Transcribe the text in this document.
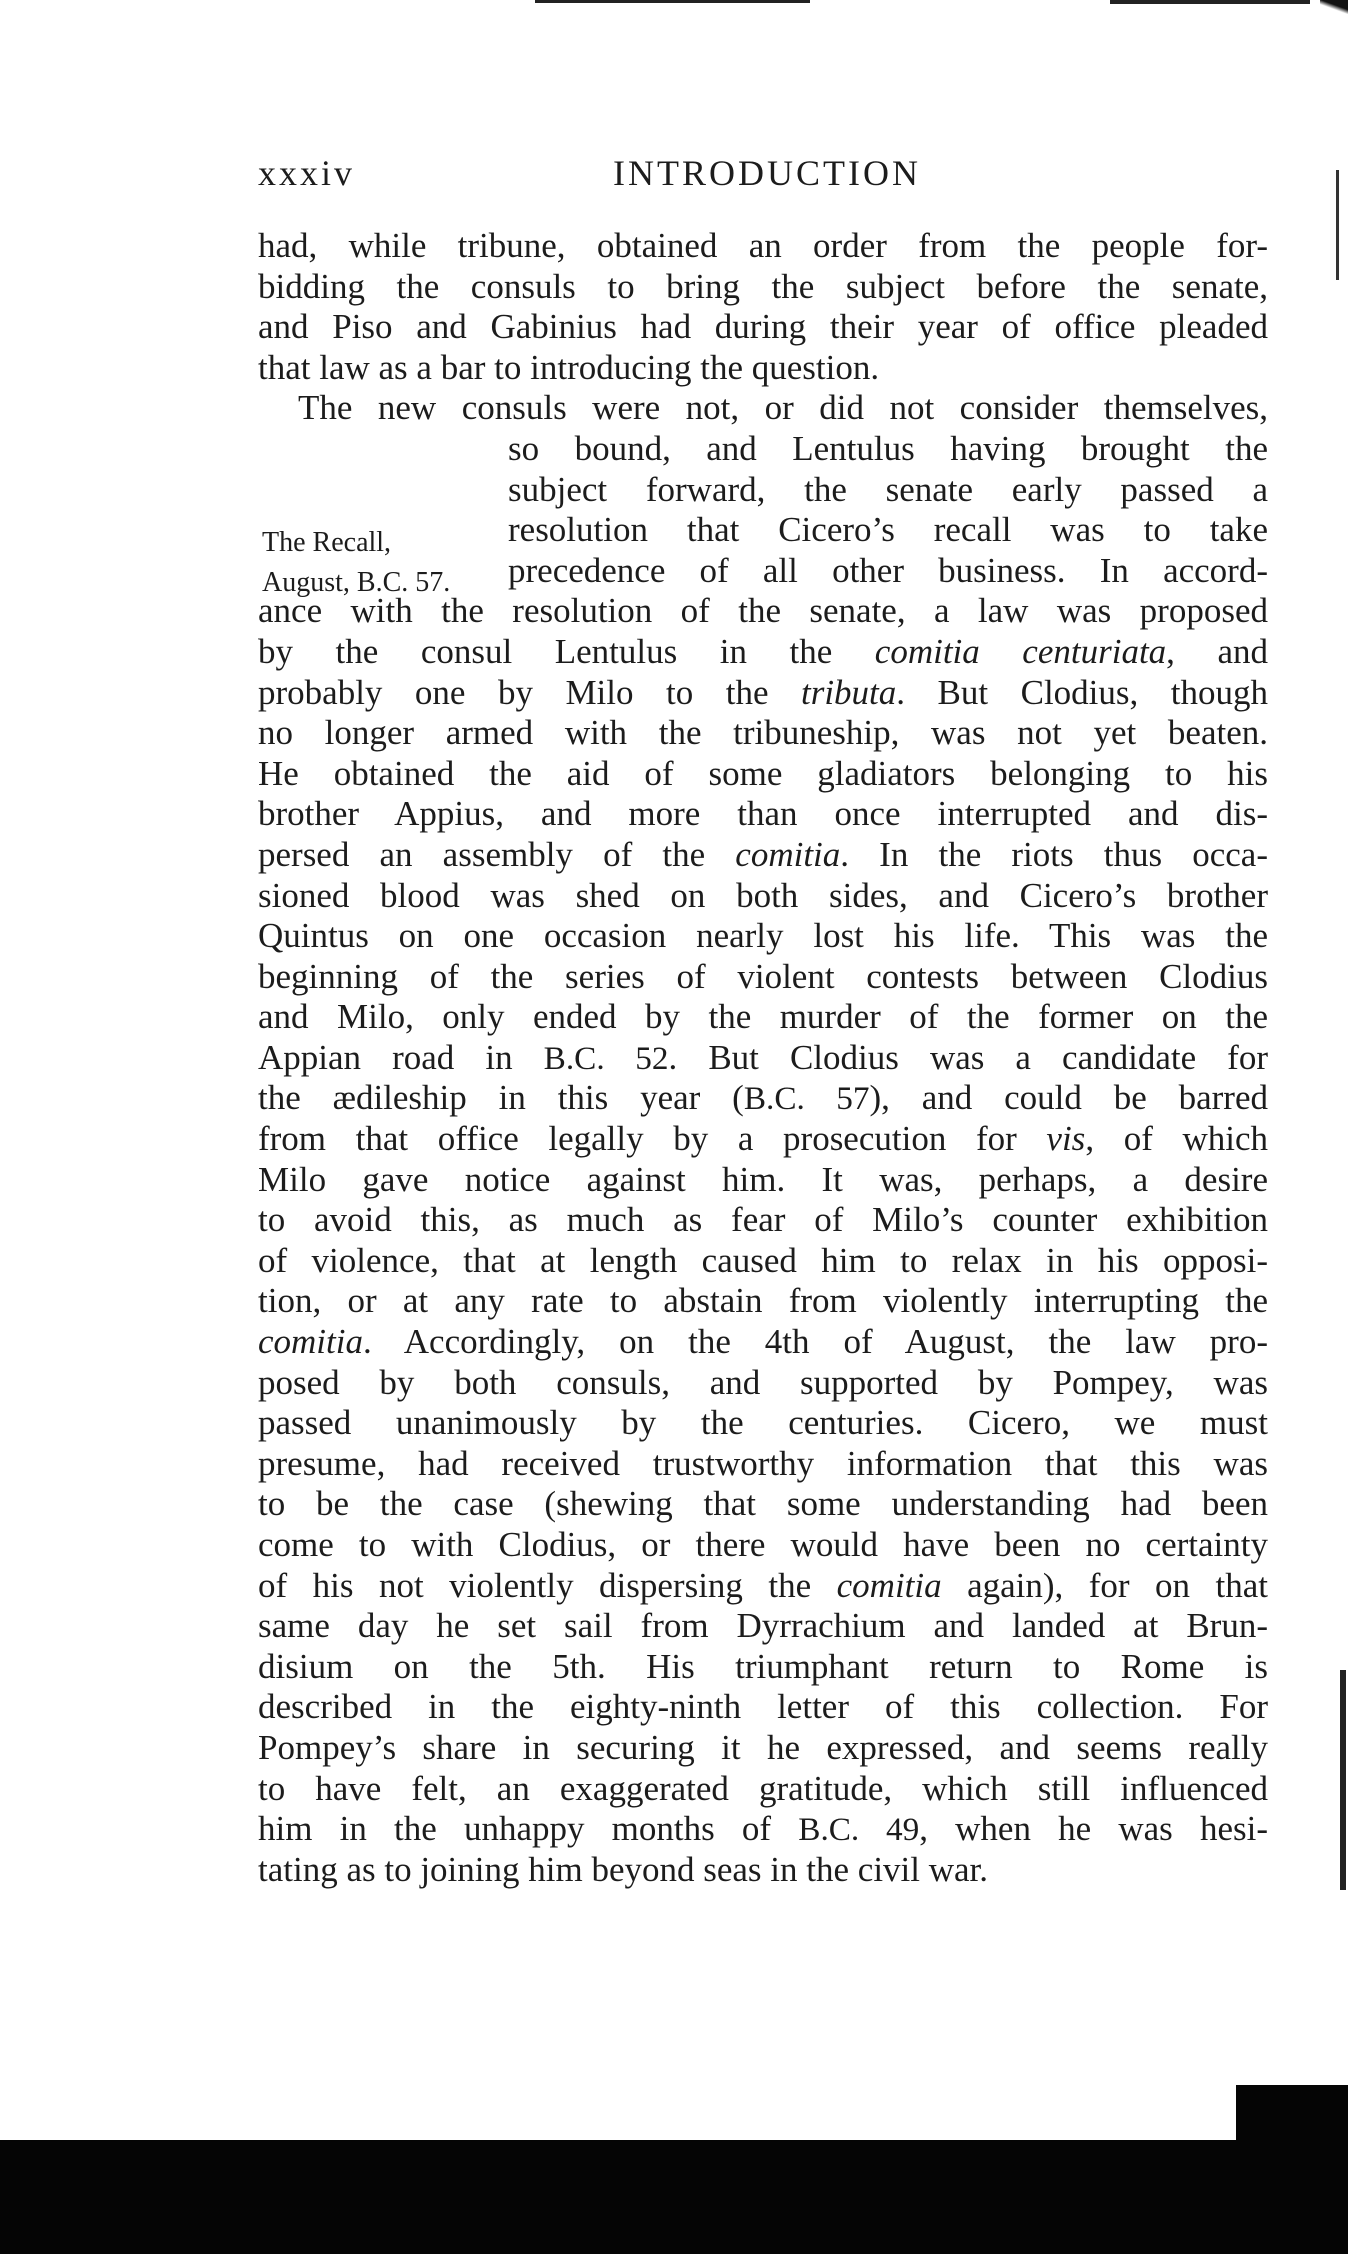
xxxiv	INTRODUCTION
The Recall,
August, B.C. 57.
had, while tribune, obtained an order from the people for-
bidding the consuls to bring the subject before the senate,
and Piso and Gabinius had during their year of office pleaded
that law as a bar to introducing the question.
The new consuls were not, or did not consider themselves,
so bound, and Lentulus having brought the
subject forward, the senate early passed a
resolution that Cicero’s recall was to take
precedence of all other business. In accord-
ance with the resolution of the senate, a law was proposed
by the consul Lentulus in the comitia centuriata, and
probably one by Milo to the tributa. But Clodius, though
no longer armed with the tribuneship, was not yet beaten.
He obtained the aid of some gladiators belonging to his
brother Appius, and more than once interrupted and dis-
persed an assembly of the comitia. In the riots thus occa-
sioned blood was shed on both sides, and Cicero’s brother
Quintus on one occasion nearly lost his life. This was the
beginning of the series of violent contests between Clodius
and Milo, only ended by the murder of the former on the
Appian road in B.C. 52. But Clodius was a candidate for
the ædileship in this year (B.C. 57), and could be barred
from that office legally by a prosecution for vis, of which
Milo gave notice against him. It was, perhaps, a desire
to avoid this, as much as fear of Milo’s counter exhibition
of violence, that at length caused him to relax in his opposi-
tion, or at any rate to abstain from violently interrupting the
comitia. Accordingly, on the 4th of August, the law pro-
posed by both consuls, and supported by Pompey, was
passed unanimously by the centuries. Cicero, we must
presume, had received trustworthy information that this was
to be the case (shewing that some understanding had been
come to with Clodius, or there would have been no certainty
of his not violently dispersing the comitia again), for on that
same day he set sail from Dyrrachium and landed at Brun-
disium on the 5th. His triumphant return to Rome is
described in the eighty-ninth letter of this collection. For
Pompey’s share in securing it he expressed, and seems really
to have felt, an exaggerated gratitude, which still influenced
him in the unhappy months of B.C. 49, when he was hesi-
tating as to joining him beyond seas in the civil war.
